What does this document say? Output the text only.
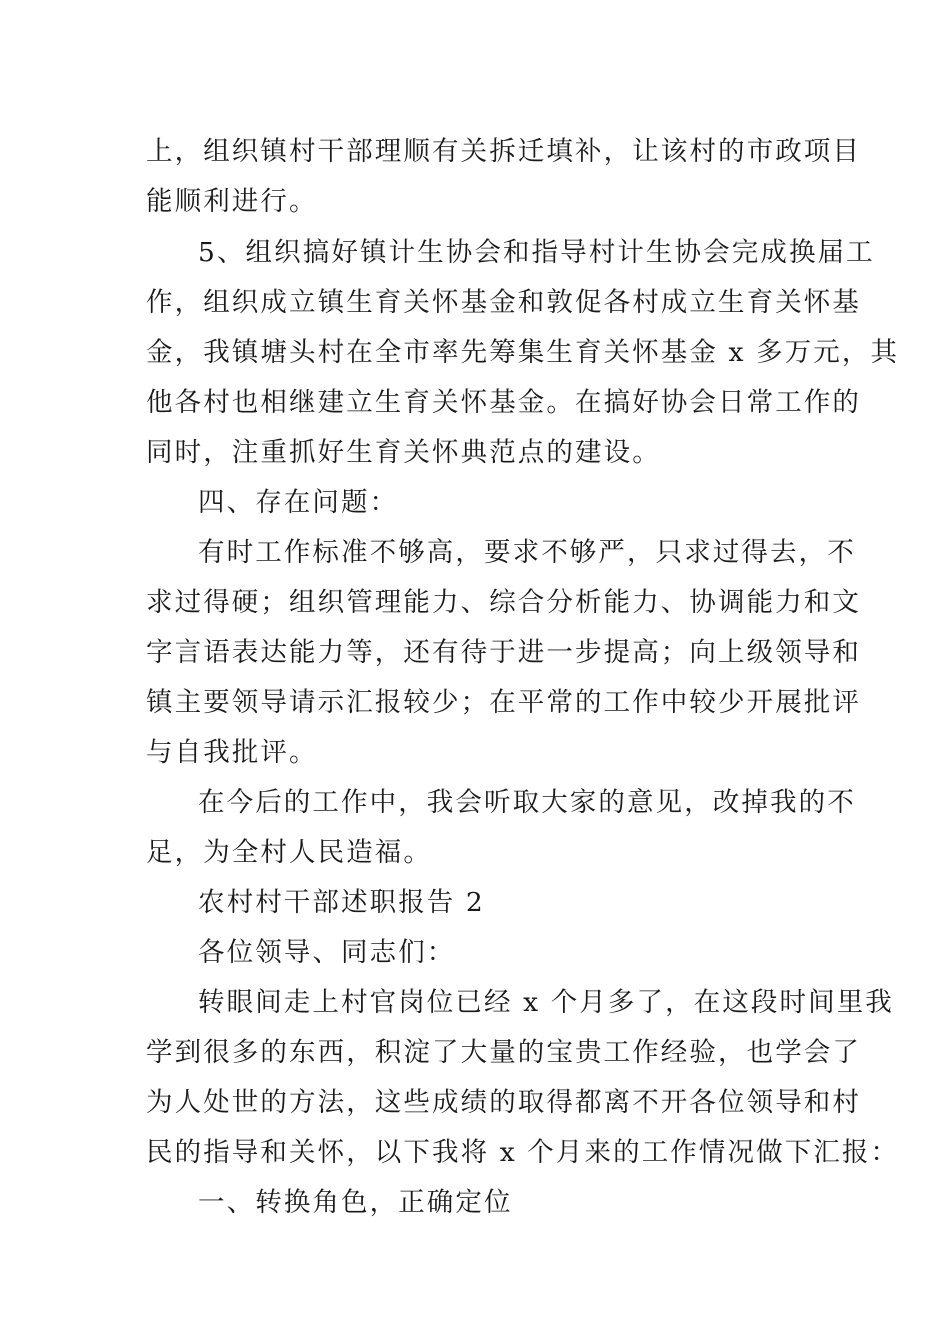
上，组织镇村干部理顺有关拆迁填补，让该村的市政项目
能顺利进行。
5、组织搞好镇计生协会和指导村计生协会完成换届工
作，组织成立镇生育关怀基金和敦促各村成立生育关怀基
金，我镇塘头村在全市率先筹集生育关怀基金 x 多万元，其
他各村也相继建立生育关怀基金。在搞好协会日常工作的
同时，注重抓好生育关怀典范点的建设。
四、存在问题：
有时工作标准不够高，要求不够严，只求过得去，不
求过得硬；组织管理能力、综合分析能力、协调能力和文
字言语表达能力等，还有待于进一步提高；向上级领导和
镇主要领导请示汇报较少；在平常的工作中较少开展批评
与自我批评。
在今后的工作中，我会听取大家的意见，改掉我的不
足，为全村人民造福。
农村村干部述职报告 2
各位领导、同志们：
转眼间走上村官岗位已经 x 个月多了，在这段时间里我
学到很多的东西，积淀了大量的宝贵工作经验，也学会了
为人处世的方法，这些成绩的取得都离不开各位领导和村
民的指导和关怀，以下我将 x 个月来的工作情况做下汇报：
一、转换角色，正确定位
